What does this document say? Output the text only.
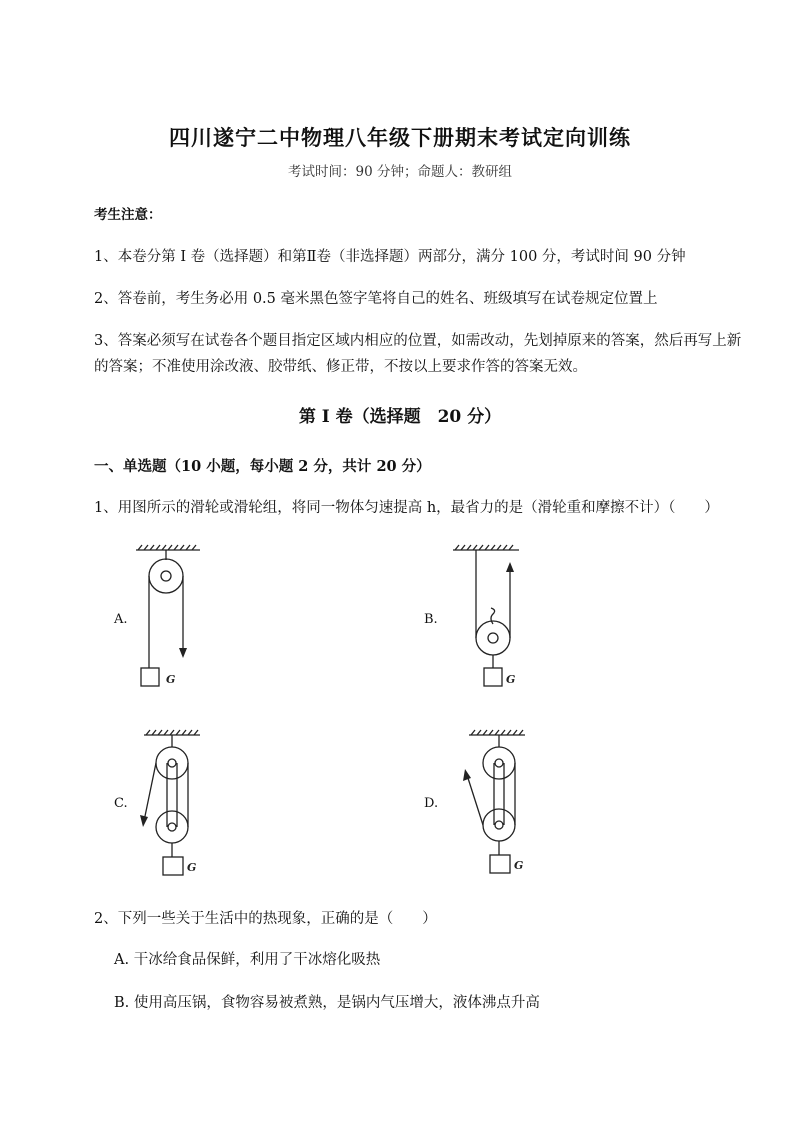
四川遂宁二中物理八年级下册期末考试定向训练
考试时间：90 分钟；命题人：教研组
考生注意：
1、本卷分第 I 卷（选择题）和第Ⅱ卷（非选择题）两部分，满分 100 分，考试时间 90 分钟
2、答卷前，考生务必用 0.5 毫米黑色签字笔将自己的姓名、班级填写在试卷规定位置上
3、答案必须写在试卷各个题目指定区域内相应的位置，如需改动，先划掉原来的答案，然后再写上新
的答案；不准使用涂改液、胶带纸、修正带，不按以上要求作答的答案无效。
第 I 卷（选择题　20 分）
一、单选题（10 小题，每小题 2 分，共计 20 分）
1、用图所示的滑轮或滑轮组，将同一物体匀速提高 h，最省力的是（滑轮重和摩擦不计）（　　）
A.
G
B.
G
C.
G
D.
G
2、下列一些关于生活中的热现象，正确的是（　　）
A. 干冰给食品保鲜，利用了干冰熔化吸热
B. 使用高压锅，食物容易被煮熟，是锅内气压增大，液体沸点升高
